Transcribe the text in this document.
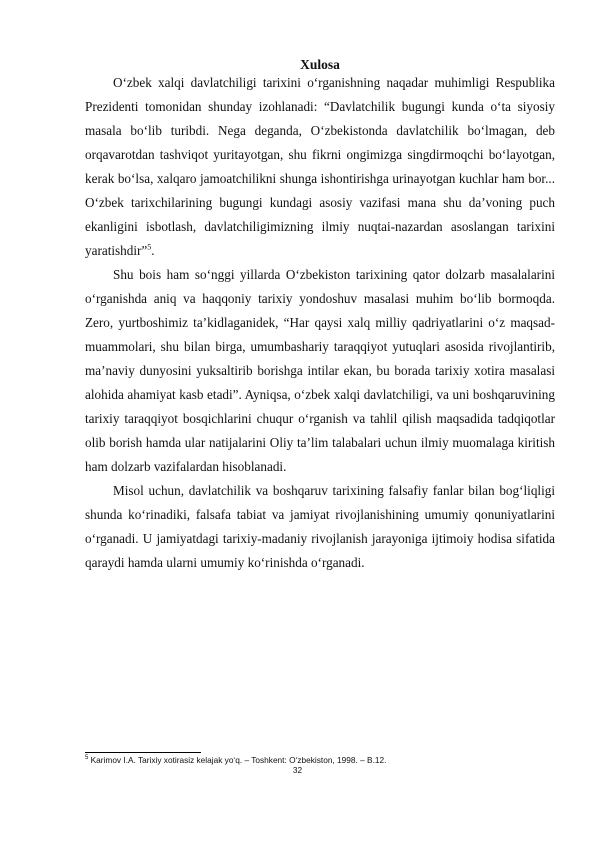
Xulosa

O‘zbek xalqi davlatchiligi tarixini o‘rganishning naqadar muhimligi Respublika Prezidenti tomonidan shunday izohlanadi: “Davlatchilik bugungi kunda o‘ta siyosiy masala bo‘lib turibdi. Nega deganda, O‘zbekistonda davlatchilik bo‘lmagan, deb orqavarotdan tashviqot yuritayotgan, shu fikrni ongimizga singdirmoqchi bo‘layotgan, kerak bo‘lsa, xalqaro jamoatchilikni shunga ishontirishga urinayotgan kuchlar ham bor... O‘zbek tarixchilarining bugungi kundagi asosiy vazifasi mana shu da’voning puch ekanligini isbotlash, davlatchiligimizning ilmiy nuqtai-nazardan asoslangan tarixini yaratishdir”$^5$.

Shu bois ham so‘nggi yillarda O‘zbekiston tarixining qator dolzarb masalalarini o‘rganishda aniq va haqqoniy tarixiy yondoshuv masalasi muhim bo‘lib bormoqda. Zero, yurtboshimiz ta’kidlaganidek, “Har qaysi xalq milliy qadriyatlarini o‘z maqsad-muammolari, shu bilan birga, umumbashariy taraqqiyot yutuqlari asosida rivojlantirib, ma’naviy dunyosini yuksaltirib borishga intilar ekan, bu borada tarixiy xotira masalasi alohida ahamiyat kasb etadi”. Ayniqsa, o‘zbek xalqi davlatchiligi, va uni boshqaruvining tarixiy taraqqiyot bosqichlarini chuqur o‘rganish va tahlil qilish maqsadida tadqiqotlar olib borish hamda ular natijalarini Oliy ta’lim talabalari uchun ilmiy muomalaga kiritish ham dolzarb vazifalardan hisoblanadi.

Misol uchun, davlatchilik va boshqaruv tarixining falsafiy fanlar bilan bog‘liqligi shunda ko‘rinadiki, falsafa tabiat va jamiyat rivojlanishining umumiy qonuniyatlarini o‘rganadi. U jamiyatdagi tarixiy-madaniy rivojlanish jarayoniga ijtimoiy hodisa sifatida qaraydi hamda ularni umumiy ko‘rinishda o‘rganadi.

$^5$ Karimov I.A. Tarixiy xotirasiz kelajak yo‘q. – Toshkent: O‘zbekiston, 1998. – B.12.
32
